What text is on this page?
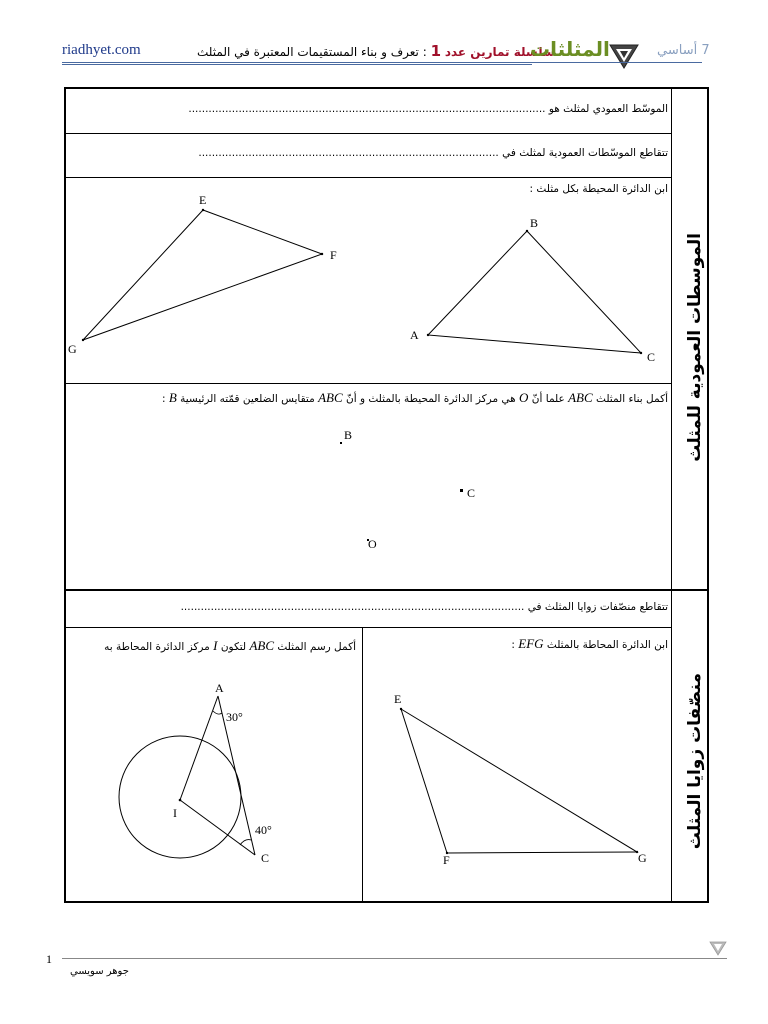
riadhyet.com	سلسلة تمارين عدد 1 : تعرف و بناء المستقيمات المعتبرة في المثلث	المثلثات	7 أساسي
الموسّط العمودي لمثلث هو ...........................................................................................................
تتقاطع الموسّطات العمودية لمثلث في ..........................................................................................
ابن الدائرة المحيطة بكل مثلث :
أكمل بناء المثلث ABC علما أنّ O هي مركز الدائرة المحيطة بالمثلث و أنّ ABC متقايس الضلعين قمّته الرئيسية B :	الموسطات العمودية للمثلث
منصّفات زوايا المثلث
E
F
G
B
C
A
B
C
O
A
30°
I
40°
C
E
G
F
تتقاطع منصّفات زوايا المثلث في .......................................................................................................
ابن الدائرة المحاطة بالمثلث EFG :
أكمل رسم المثلث ABC لتكون I مركز الدائرة المحاطة به
1
جوهر سويسي
